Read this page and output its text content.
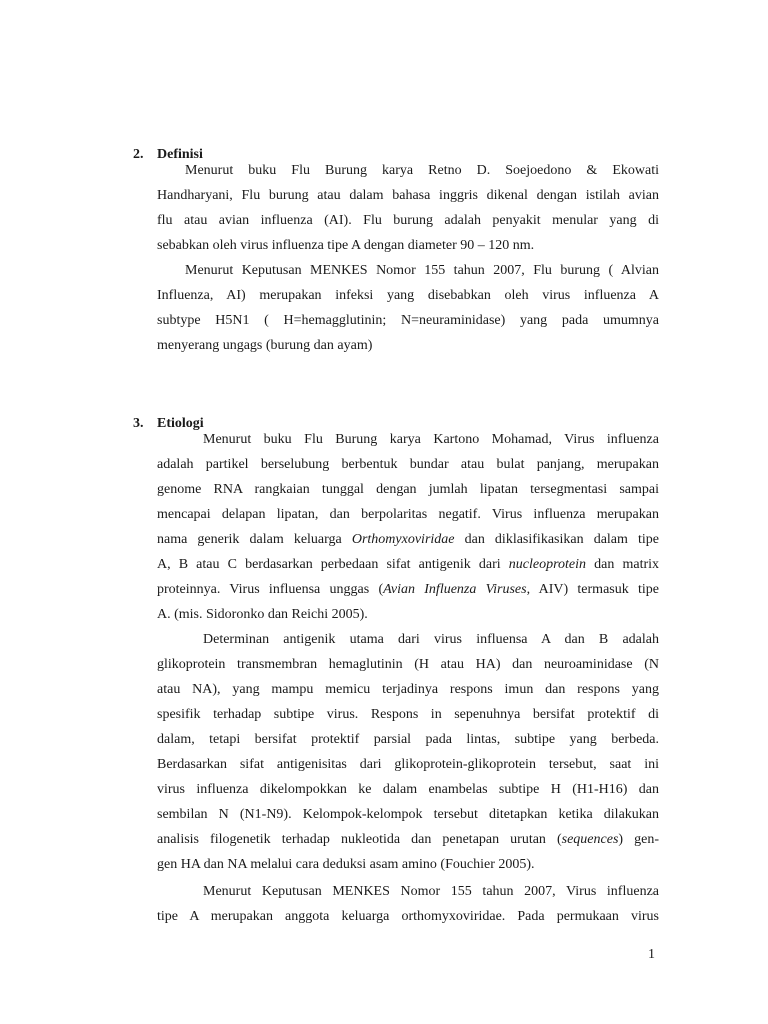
2. Definisi
Menurut buku Flu Burung karya Retno D. Soejoedono & Ekowati
Handharyani, Flu burung atau dalam bahasa inggris dikenal dengan istilah avian
flu atau avian influenza (AI). Flu burung adalah penyakit menular yang di
sebabkan oleh virus influenza tipe A dengan diameter 90 – 120 nm.
Menurut Keputusan MENKES Nomor 155 tahun 2007, Flu burung ( Alvian
Influenza, AI) merupakan infeksi yang disebabkan oleh virus influenza A
subtype H5N1 ( H=hemagglutinin; N=neuraminidase) yang pada umumnya
menyerang ungags (burung dan ayam)
3. Etiologi
Menurut buku Flu Burung karya Kartono Mohamad, Virus influenza
adalah partikel berselubung berbentuk bundar atau bulat panjang, merupakan
genome RNA rangkaian tunggal dengan jumlah lipatan tersegmentasi sampai
mencapai delapan lipatan, dan berpolaritas negatif. Virus influenza merupakan
nama generik dalam keluarga Orthomyxoviridae dan diklasifikasikan dalam tipe
A, B atau C berdasarkan perbedaan sifat antigenik dari nucleoprotein dan matrix
proteinnya. Virus influensa unggas (Avian Influenza Viruses, AIV) termasuk tipe
A. (mis. Sidoronko dan Reichi 2005).
Determinan antigenik utama dari virus influensa A dan B adalah
glikoprotein transmembran hemaglutinin (H atau HA) dan neuroaminidase (N
atau NA), yang mampu memicu terjadinya respons imun dan respons yang
spesifik terhadap subtipe virus. Respons in sepenuhnya bersifat protektif di
dalam, tetapi bersifat protektif parsial pada lintas, subtipe yang berbeda.
Berdasarkan sifat antigenisitas dari glikoprotein-glikoprotein tersebut, saat ini
virus influenza dikelompokkan ke dalam enambelas subtipe H (H1-H16) dan
sembilan N (N1-N9). Kelompok-kelompok tersebut ditetapkan ketika dilakukan
analisis filogenetik terhadap nukleotida dan penetapan urutan (sequences) gen-
gen HA dan NA melalui cara deduksi asam amino (Fouchier 2005).
Menurut Keputusan MENKES Nomor 155 tahun 2007, Virus influenza
tipe A merupakan anggota keluarga orthomyxoviridae. Pada permukaan virus
1
